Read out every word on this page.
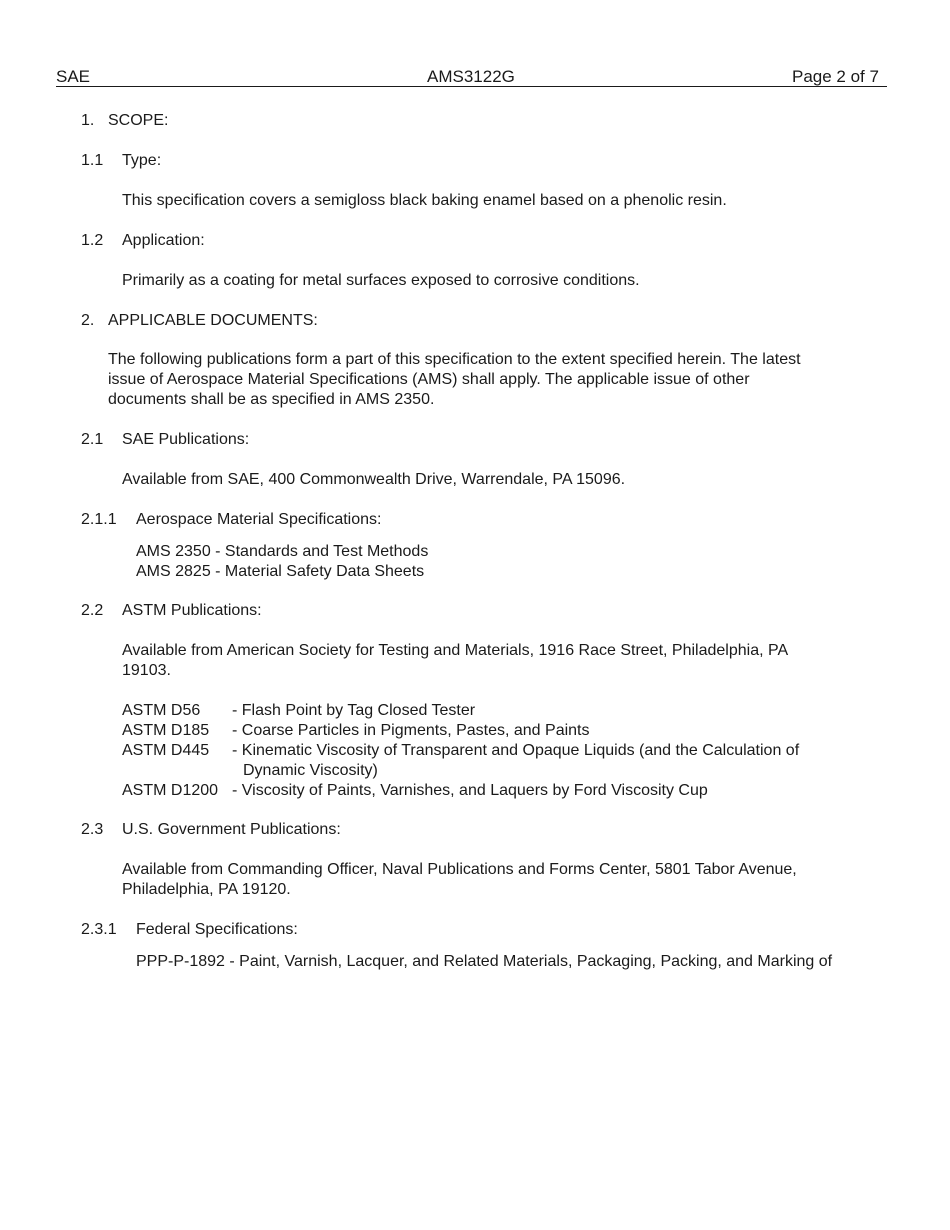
SAE	AMS3122G	Page 2 of 7
1. SCOPE:
1.1 Type:
This specification covers a semigloss black baking enamel based on a phenolic resin.
1.2 Application:
Primarily as a coating for metal surfaces exposed to corrosive conditions.
2. APPLICABLE DOCUMENTS:
The following publications form a part of this specification to the extent specified herein. The latest
issue of Aerospace Material Specifications (AMS) shall apply. The applicable issue of other
documents shall be as specified in AMS 2350.
2.1 SAE Publications:
Available from SAE, 400 Commonwealth Drive, Warrendale, PA 15096.
2.1.1 Aerospace Material Specifications:
AMS 2350 - Standards and Test Methods
AMS 2825 - Material Safety Data Sheets
2.2 ASTM Publications:
Available from American Society for Testing and Materials, 1916 Race Street, Philadelphia, PA
19103.
ASTM D56 - Flash Point by Tag Closed Tester
ASTM D185 - Coarse Particles in Pigments, Pastes, and Paints
ASTM D445 - Kinematic Viscosity of Transparent and Opaque Liquids (and the Calculation of
Dynamic Viscosity)
ASTM D1200 - Viscosity of Paints, Varnishes, and Laquers by Ford Viscosity Cup
2.3 U.S. Government Publications:
Available from Commanding Officer, Naval Publications and Forms Center, 5801 Tabor Avenue,
Philadelphia, PA 19120.
2.3.1 Federal Specifications:
PPP-P-1892 - Paint, Varnish, Lacquer, and Related Materials, Packaging, Packing, and Marking of
